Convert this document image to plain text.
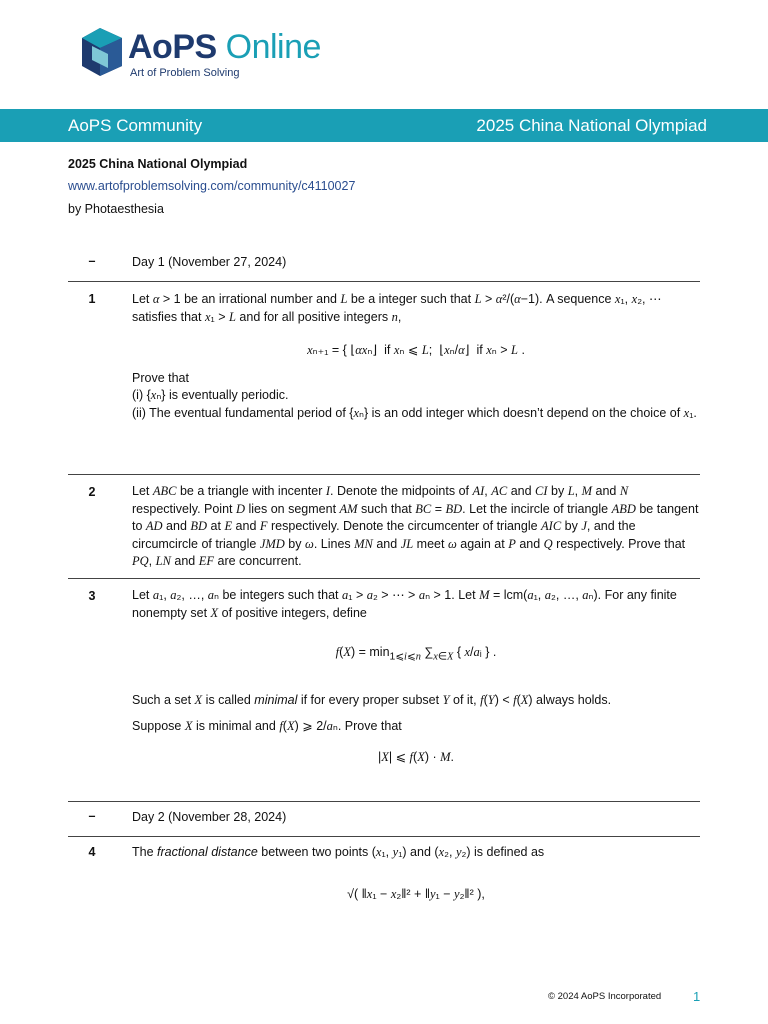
AoPS Online
Art of Problem Solving
AoPS Community	2025 China National Olympiad
2025 China National Olympiad
www.artofproblemsolving.com/community/c4110027
by Photaesthesia
–	Day 1 (November 27, 2024)
1	Let α > 1 be an irrational number and L be a integer such that L > α²/(α−1). A sequence x₁, x₂, ⋯ satisfies that x₁ > L and for all positive integers n,
xₙ₊₁ = { ⌊αxₙ⌋  if xₙ ⩽ L;  ⌊xₙ/α⌋  if xₙ > L .
Prove that
(i) {xₙ} is eventually periodic.
(ii) The eventual fundamental period of {xₙ} is an odd integer which doesn’t depend on the choice of x₁.
2	Let ABC be a triangle with incenter I. Denote the midpoints of AI, AC and CI by L, M and N respectively. Point D lies on segment AM such that BC = BD. Let the incircle of triangle ABD be tangent to AD and BD at E and F respectively. Denote the circumcenter of triangle AIC by J, and the circumcircle of triangle JMD by ω. Lines MN and JL meet ω again at P and Q respectively. Prove that PQ, LN and EF are concurrent.
3	Let a₁, a₂, …, aₙ be integers such that a₁ > a₂ > ⋯ > aₙ > 1. Let M = lcm(a₁, a₂, …, aₙ). For any finite nonempty set X of positive integers, define
$f(X) = \min_{1⩽i⩽n} \sum_{x\in X}$ { x/aᵢ } .
Such a set X is called minimal if for every proper subset Y of it, f(Y) < f(X) always holds.
Suppose X is minimal and f(X) ⩾ 2/aₙ. Prove that
|X| ⩽ f(X) · M.
–	Day 2 (November 28, 2024)
4	The fractional distance between two points (x₁, y₁) and (x₂, y₂) is defined as
√( ‖x₁ − x₂‖² + ‖y₁ − y₂‖² ),
© 2024 AoPS Incorporated 1
